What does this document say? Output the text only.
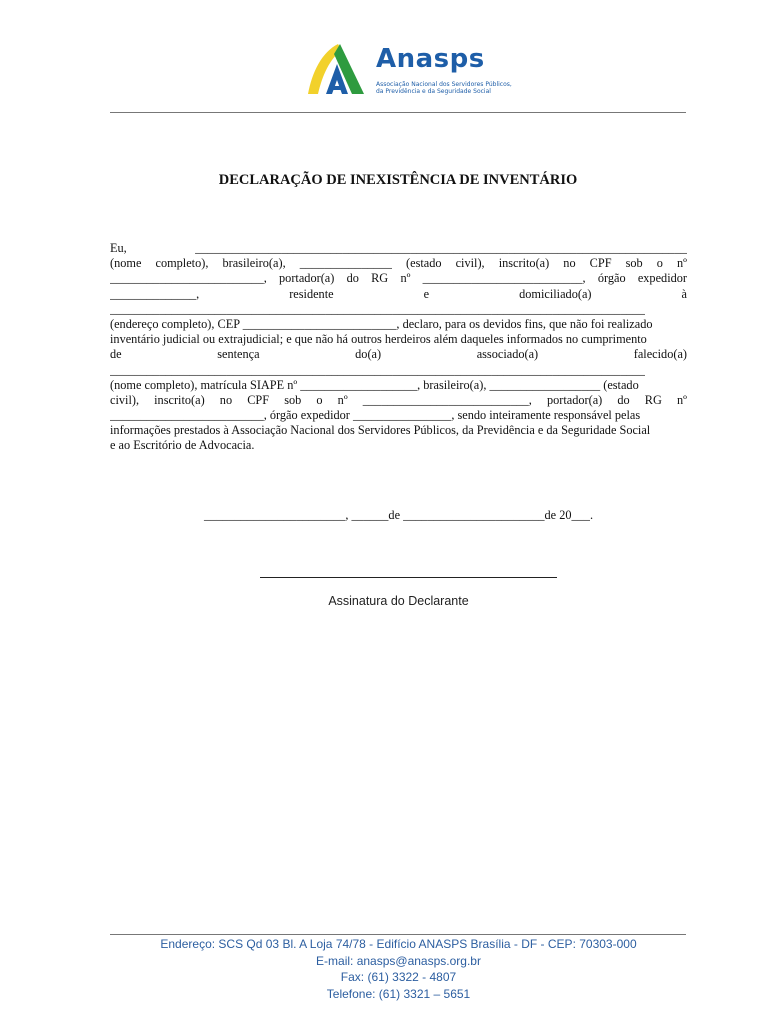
Anasps
Associação Nacional dos Servidores Públicos,
da Previdência e da Seguridade Social
DECLARAÇÃO DE INEXISTÊNCIA DE INVENTÁRIO
Eu,	________________________________________________________________________________
(nome completo), brasileiro(a), _______________ (estado civil), inscrito(a) no CPF sob o nº
_________________________, portador(a) do RG nº __________________________, órgão expedidor
______________,	residente	e	domiciliado(a)	à
_______________________________________________________________________________________
(endereço completo), CEP _________________________, declaro, para os devidos fins, que não foi realizado
inventário judicial ou extrajudicial; e que não há outros herdeiros além daqueles informados no cumprimento
de	sentença	do(a)	associado(a)	falecido(a)
_______________________________________________________________________________________
(nome completo), matrícula SIAPE nº ___________________, brasileiro(a), __________________ (estado
civil), inscrito(a) no CPF sob o nº ___________________________, portador(a) do RG nº
_________________________, órgão expedidor ________________, sendo inteiramente responsável pelas
informações prestados à Associação Nacional dos Servidores Públicos, da Previdência e da Seguridade Social
e ao Escritório de Advocacia.
_______________________, ______de _______________________de 20___.
Assinatura do Declarante
Endereço: SCS Qd 03 Bl. A Loja 74/78 - Edifício ANASPS Brasília - DF - CEP: 70303-000
E-mail: anasps@anasps.org.br
Fax: (61) 3322 - 4807
Telefone: (61) 3321 – 5651
